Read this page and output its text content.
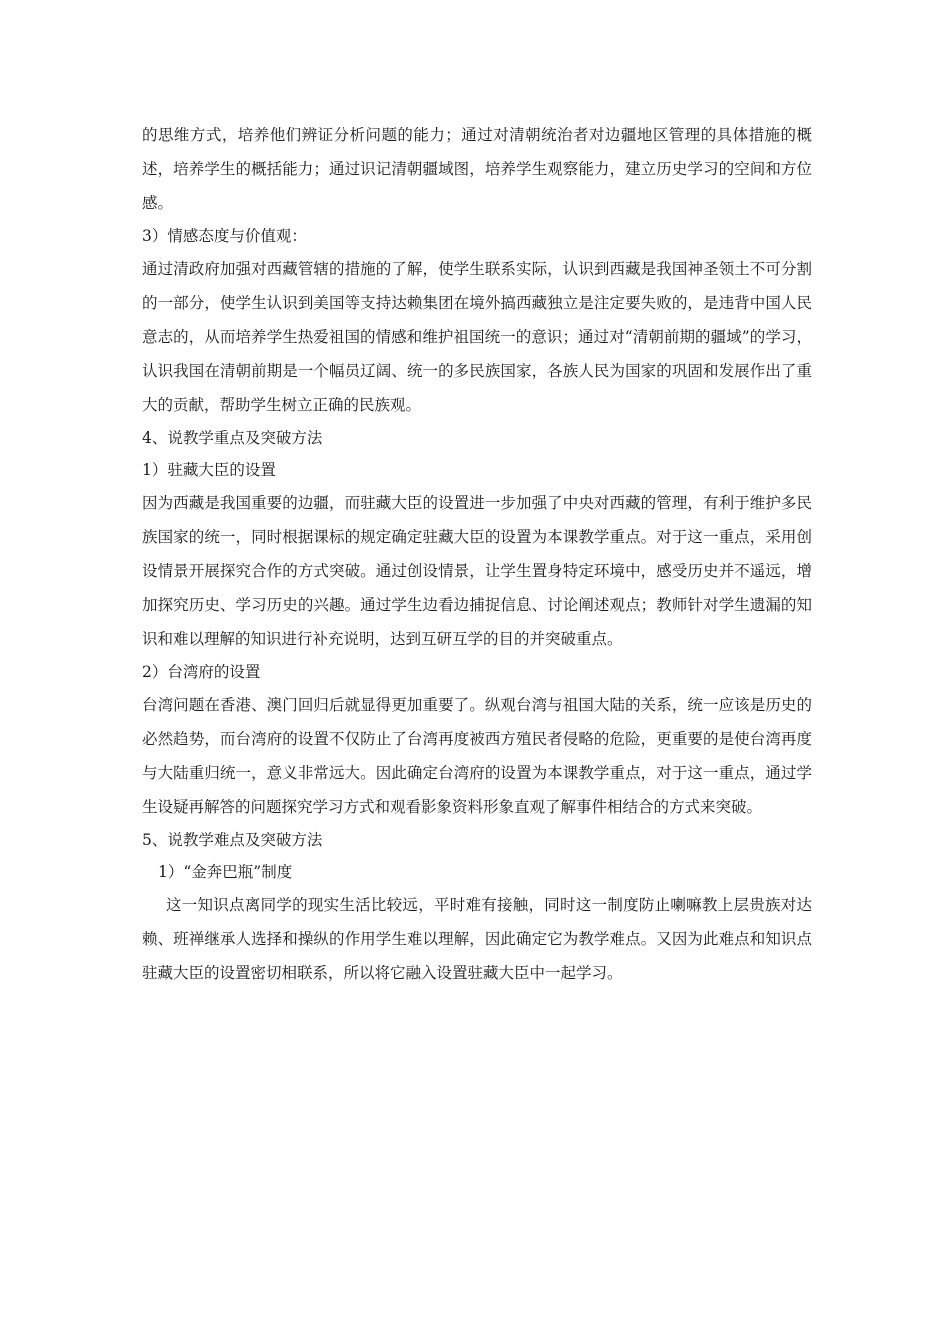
的思维方式，培养他们辨证分析问题的能力；通过对清朝统治者对边疆地区管理的具体措施的概述，培养学生的概括能力；通过识记清朝疆域图，培养学生观察能力，建立历史学习的空间和方位感。

3）情感态度与价值观：

通过清政府加强对西藏管辖的措施的了解，使学生联系实际，认识到西藏是我国神圣领土不可分割的一部分，使学生认识到美国等支持达赖集团在境外搞西藏独立是注定要失败的，是违背中国人民意志的，从而培养学生热爱祖国的情感和维护祖国统一的意识；通过对“清朝前期的疆域”的学习，认识我国在清朝前期是一个幅员辽阔、统一的多民族国家，各族人民为国家的巩固和发展作出了重大的贡献，帮助学生树立正确的民族观。

4、说教学重点及突破方法

1）驻藏大臣的设置

因为西藏是我国重要的边疆，而驻藏大臣的设置进一步加强了中央对西藏的管理，有利于维护多民族国家的统一，同时根据课标的规定确定驻藏大臣的设置为本课教学重点。对于这一重点，采用创设情景开展探究合作的方式突破。通过创设情景，让学生置身特定环境中，感受历史并不遥远，增加探究历史、学习历史的兴趣。通过学生边看边捕捉信息、讨论阐述观点；教师针对学生遗漏的知识和难以理解的知识进行补充说明，达到互研互学的目的并突破重点。

2）台湾府的设置

台湾问题在香港、澳门回归后就显得更加重要了。纵观台湾与祖国大陆的关系，统一应该是历史的必然趋势，而台湾府的设置不仅防止了台湾再度被西方殖民者侵略的危险，更重要的是使台湾再度与大陆重归统一，意义非常远大。因此确定台湾府的设置为本课教学重点，对于这一重点，通过学生设疑再解答的问题探究学习方式和观看影象资料形象直观了解事件相结合的方式来突破。

5、说教学难点及突破方法

1）“金奔巴瓶”制度

这一知识点离同学的现实生活比较远，平时难有接触，同时这一制度防止喇嘛教上层贵族对达赖、班禅继承人选择和操纵的作用学生难以理解，因此确定它为教学难点。又因为此难点和知识点驻藏大臣的设置密切相联系，所以将它融入设置驻藏大臣中一起学习。
